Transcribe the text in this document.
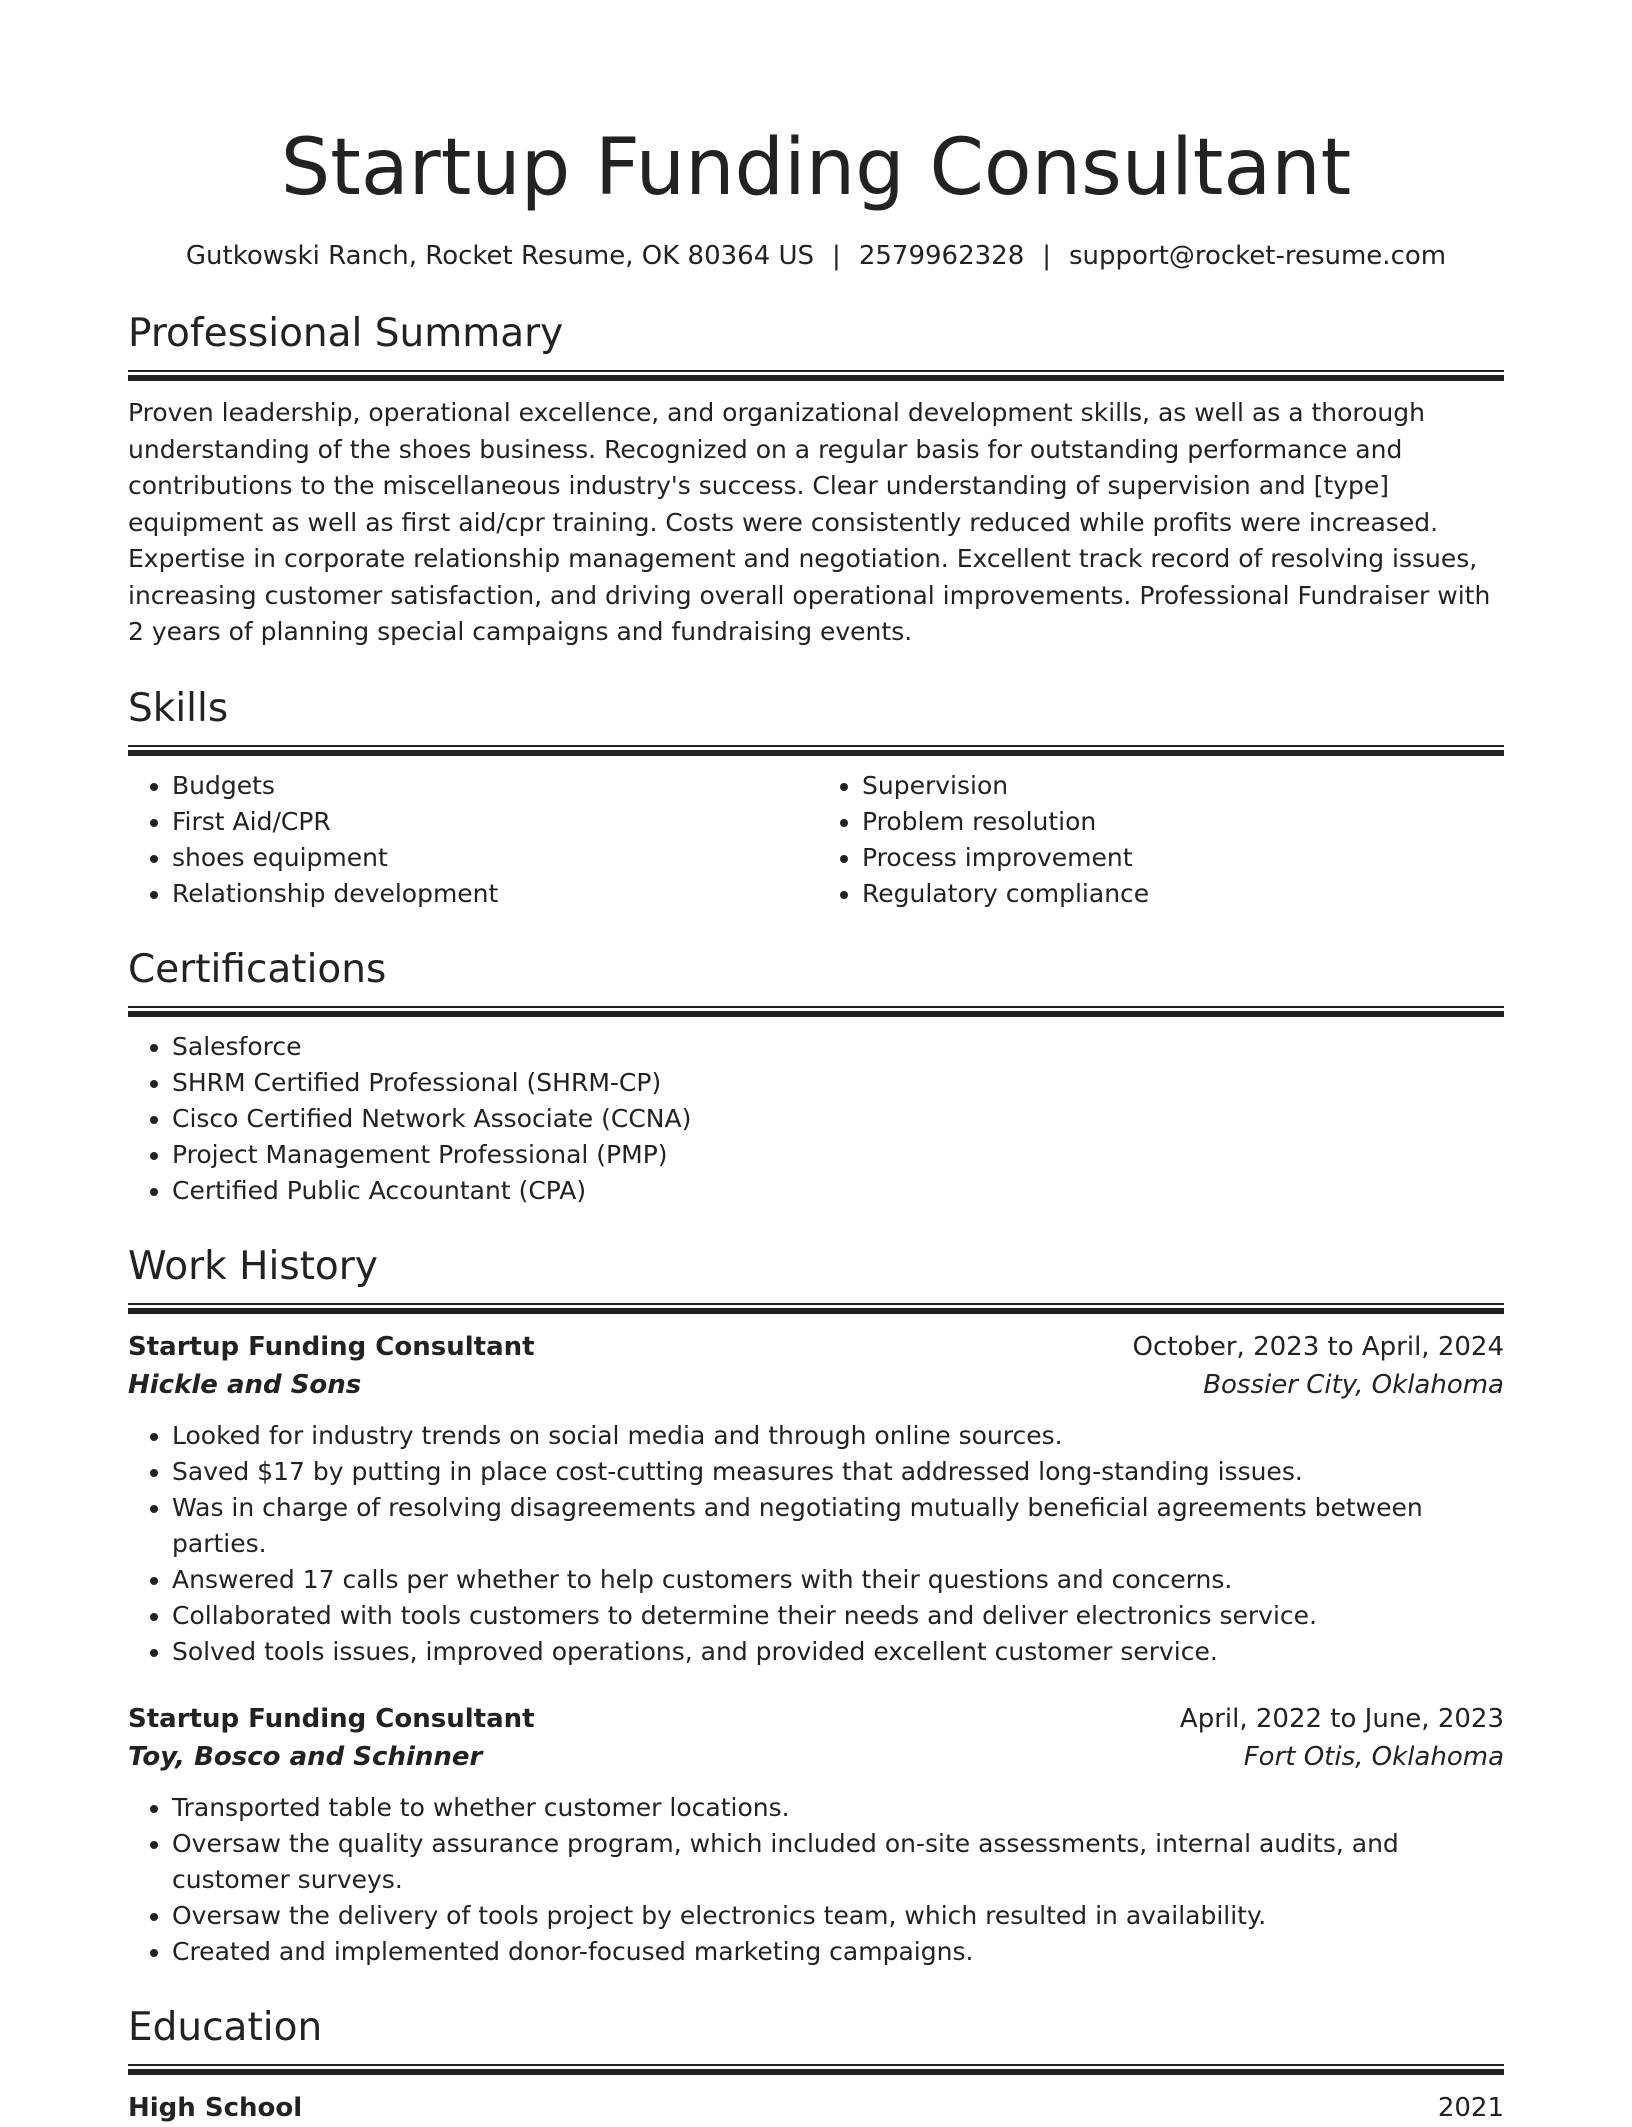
Startup Funding Consultant
Gutkowski Ranch, Rocket Resume, OK 80364 US | 2579962328 | support@rocket-resume.com
Professional Summary

Proven leadership, operational excellence, and organizational development skills, as well as a thorough understanding of the shoes business. Recognized on a regular basis for outstanding performance and contributions to the miscellaneous industry's success. Clear understanding of supervision and [type] equipment as well as first aid/cpr training. Costs were consistently reduced while profits were increased. Expertise in corporate relationship management and negotiation. Excellent track record of resolving issues, increasing customer satisfaction, and driving overall operational improvements. Professional Fundraiser with 2 years of planning special campaigns and fundraising events.

Skills
• Budgets
• First Aid/CPR
• shoes equipment
• Relationship development
• Supervision
• Problem resolution
• Process improvement
• Regulatory compliance
Certifications
• Salesforce
• SHRM Certified Professional (SHRM-CP)
• Cisco Certified Network Associate (CCNA)
• Project Management Professional (PMP)
• Certified Public Accountant (CPA)
Work History
Startup Funding Consultant	October, 2023 to April, 2024
Hickle and Sons	Bossier City, Oklahoma
• Looked for industry trends on social media and through online sources.
• Saved $17 by putting in place cost-cutting measures that addressed long-standing issues.
• Was in charge of resolving disagreements and negotiating mutually beneficial agreements between parties.
• Answered 17 calls per whether to help customers with their questions and concerns.
• Collaborated with tools customers to determine their needs and deliver electronics service.
• Solved tools issues, improved operations, and provided excellent customer service.
Startup Funding Consultant	April, 2022 to June, 2023
Toy, Bosco and Schinner	Fort Otis, Oklahoma
• Transported table to whether customer locations.
• Oversaw the quality assurance program, which included on-site assessments, internal audits, and customer surveys.
• Oversaw the delivery of tools project by electronics team, which resulted in availability.
• Created and implemented donor-focused marketing campaigns.
Education
High School	2021
